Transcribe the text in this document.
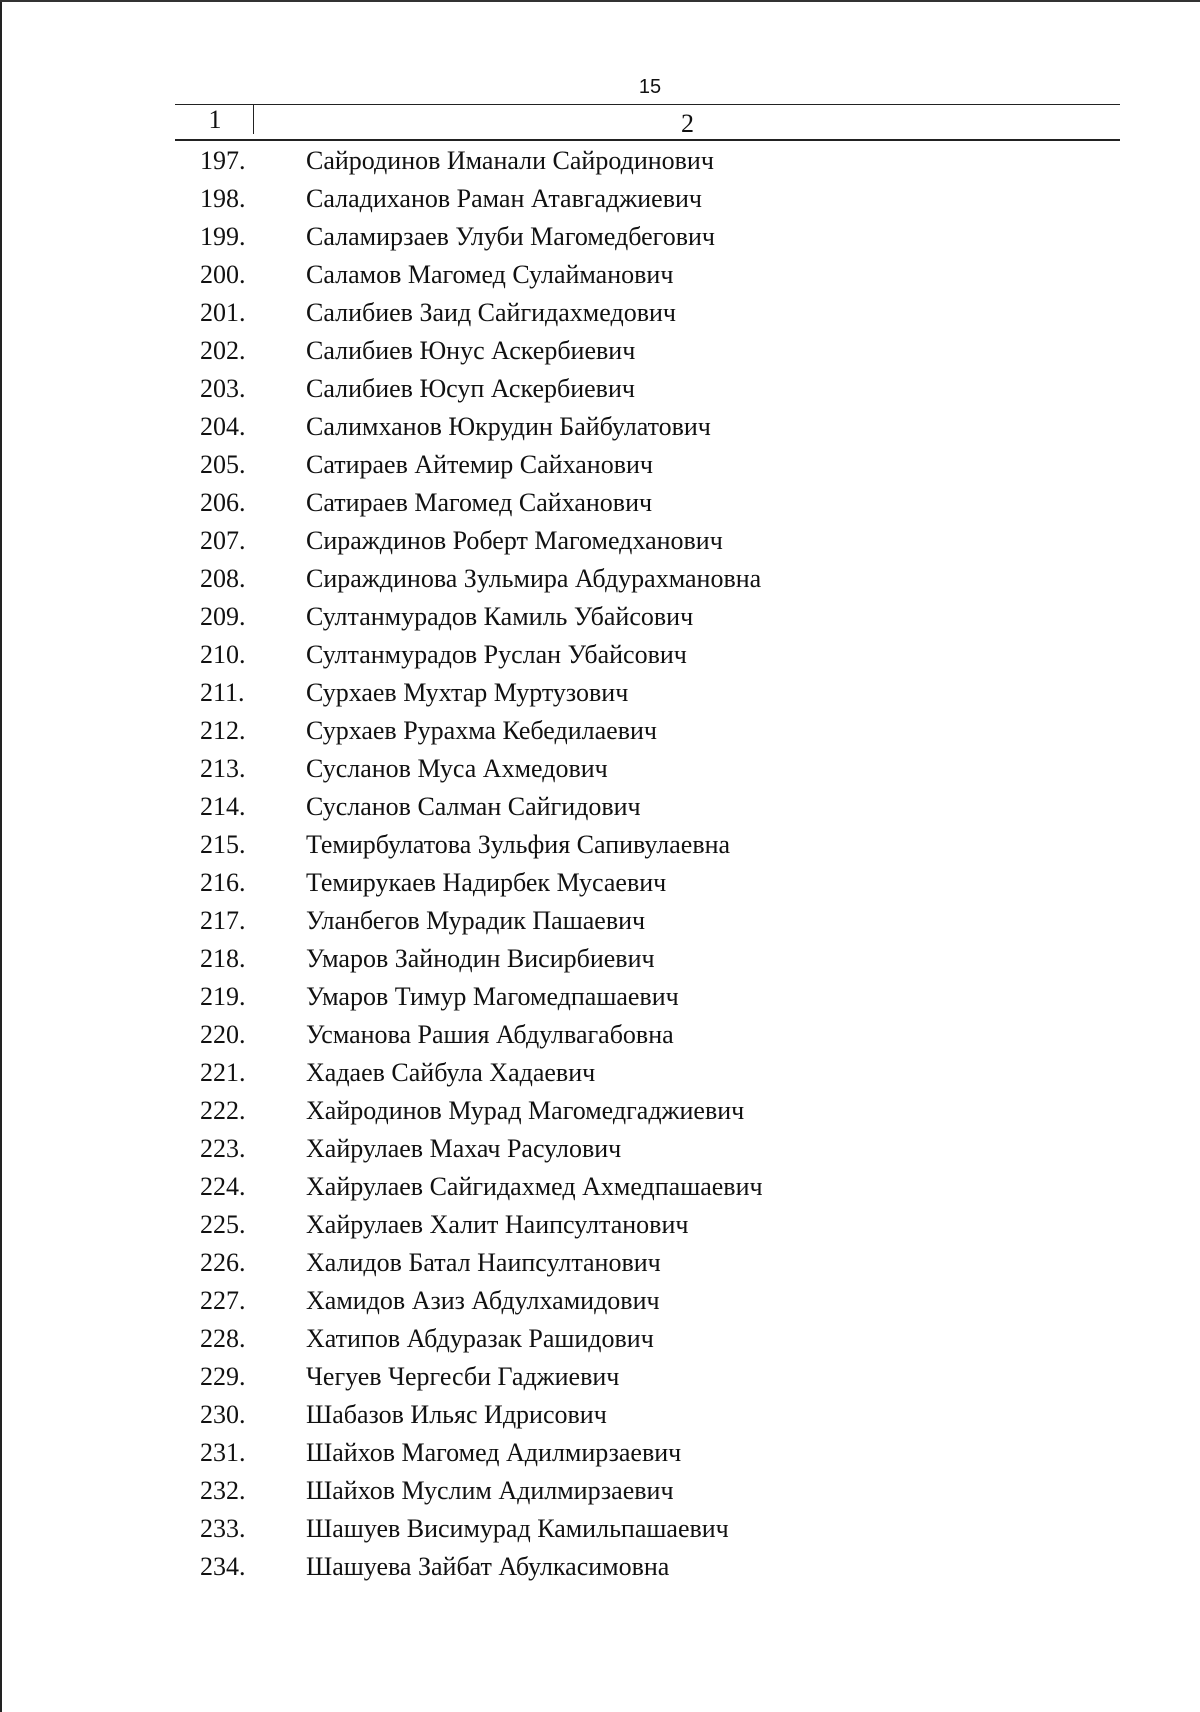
15
1	2
197.	Сайродинов Иманали Сайродинович
198.	Саладиханов Раман Атавгаджиевич
199.	Саламирзаев Улуби Магомедбегович
200.	Саламов Магомед Сулайманович
201.	Салибиев Заид Сайгидахмедович
202.	Салибиев Юнус Аскербиевич
203.	Салибиев Юсуп Аскербиевич
204.	Салимханов Юкрудин Байбулатович
205.	Сатираев Айтемир Сайханович
206.	Сатираев Магомед Сайханович
207.	Сираждинов Роберт Магомедханович
208.	Сираждинова Зульмира Абдурахмановна
209.	Султанмурадов Камиль Убайсович
210.	Султанмурадов Руслан Убайсович
211.	Сурхаев Мухтар Муртузович
212.	Сурхаев Рурахма Кебедилаевич
213.	Сусланов Муса Ахмедович
214.	Сусланов Салман Сайгидович
215.	Темирбулатова Зульфия Сапивулаевна
216.	Темирукаев Надирбек Мусаевич
217.	Уланбегов Мурадик Пашаевич
218.	Умаров Зайнодин Висирбиевич
219.	Умаров Тимур Магомедпашаевич
220.	Усманова Рашия Абдулвагабовна
221.	Хадаев Сайбула Хадаевич
222.	Хайродинов Мурад Магомедгаджиевич
223.	Хайрулаев Махач Расулович
224.	Хайрулаев Сайгидахмед Ахмедпашаевич
225.	Хайрулаев Халит Наипсултанович
226.	Халидов Батал Наипсултанович
227.	Хамидов Азиз Абдулхамидович
228.	Хатипов Абдуразак Рашидович
229.	Чегуев Чергесби Гаджиевич
230.	Шабазов Ильяс Идрисович
231.	Шайхов Магомед Адилмирзаевич
232.	Шайхов Муслим Адилмирзаевич
233.	Шашуев Висимурад Камильпашаевич
234.	Шашуева Зайбат Абулкасимовна
